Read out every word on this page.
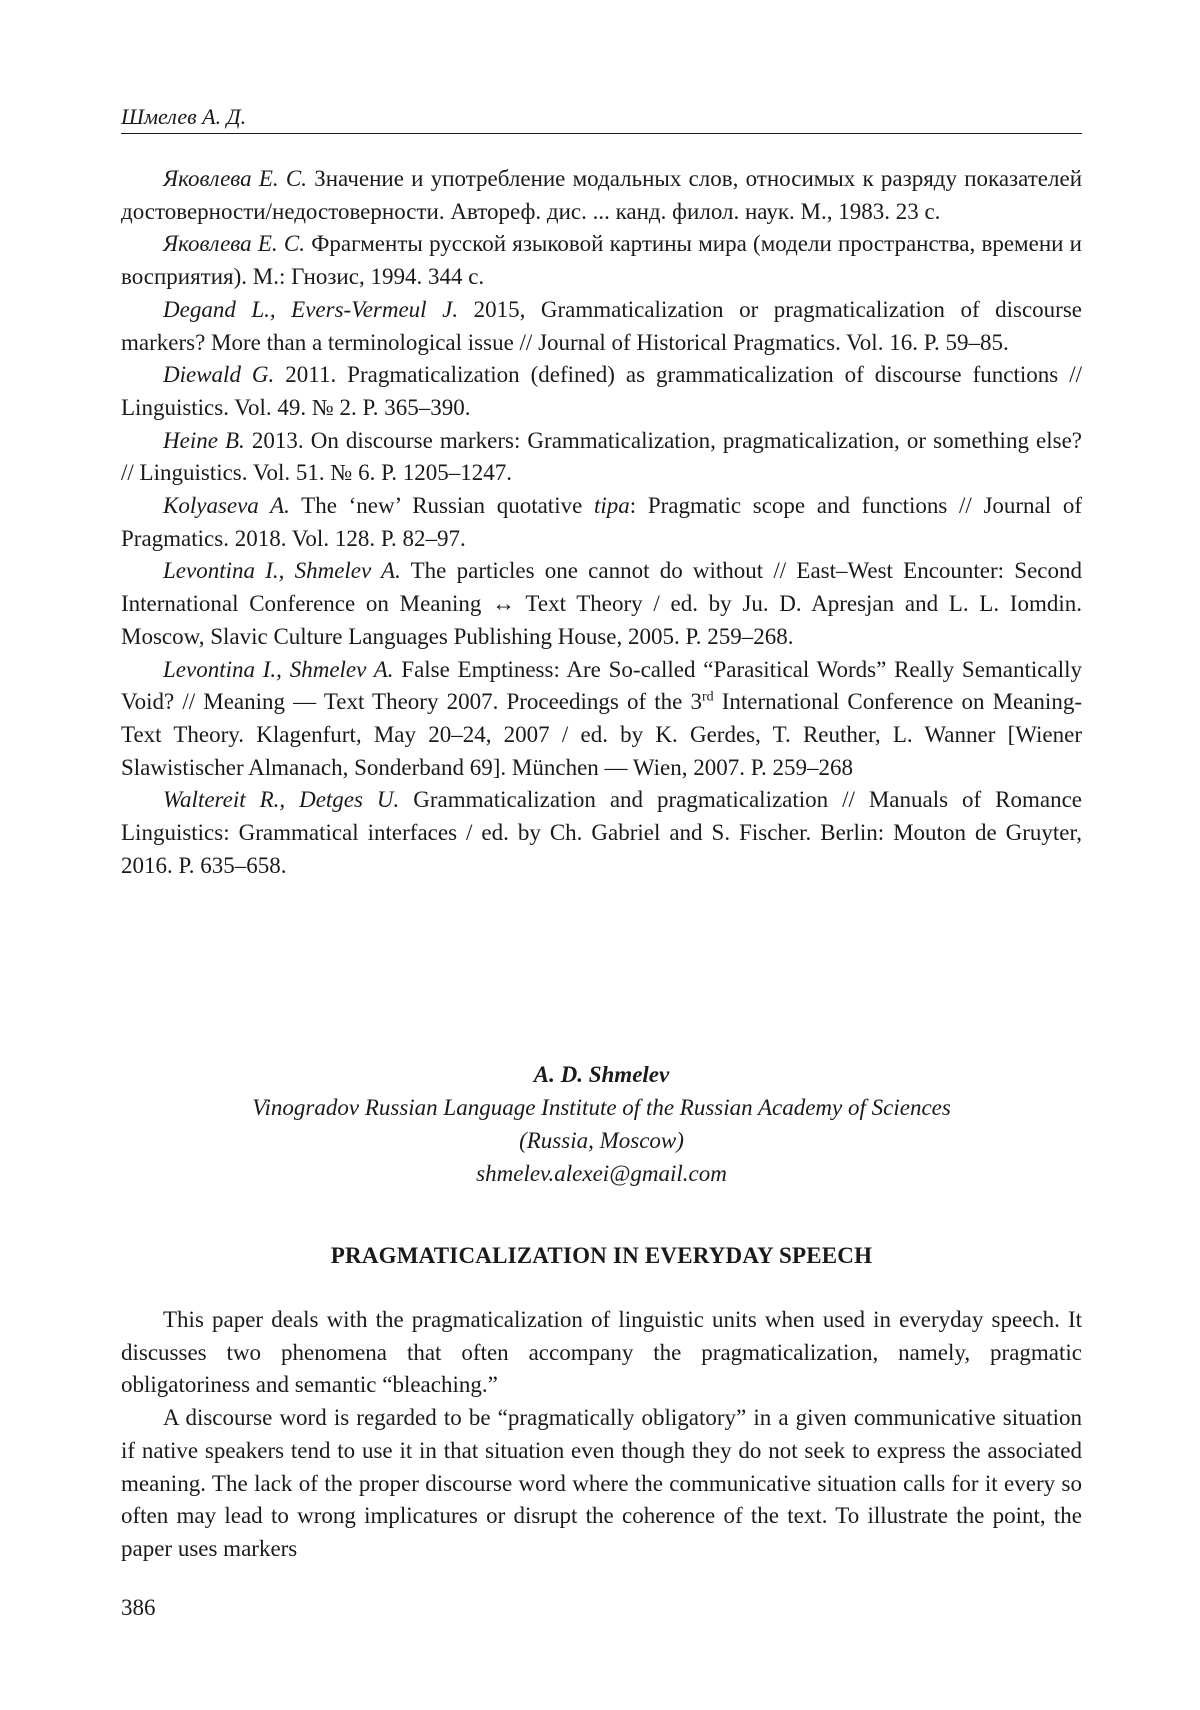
Шмелев А. Д.

Яковлева Е. С. Значение и употребление модальных слов, относимых к разряду показателей достоверности/недостоверности. Автореф. дис. ... канд. филол. наук. М., 1983. 23 с.

Яковлева Е. С. Фрагменты русской языковой картины мира (модели пространства, времени и восприятия). М.: Гнозис, 1994. 344 с.

Degand L., Evers-Vermeul J. 2015, Grammaticalization or pragmaticalization of discourse markers? More than a terminological issue // Journal of Historical Pragmatics. Vol. 16. P. 59–85.

Diewald G. 2011. Pragmaticalization (defined) as grammaticalization of discourse functions // Linguistics. Vol. 49. № 2. P. 365–390.

Heine B. 2013. On discourse markers: Grammaticalization, pragmaticalization, or something else? // Linguistics. Vol. 51. № 6. P. 1205–1247.

Kolyaseva A. The ‘new’ Russian quotative tipa: Pragmatic scope and functions // Journal of Pragmatics. 2018. Vol. 128. P. 82–97.

Levontina I., Shmelev A. The particles one cannot do without // East–West Encounter: Second International Conference on Meaning ↔ Text Theory / ed. by Ju. D. Apresjan and L. L. Iomdin. Moscow, Slavic Culture Languages Publishing House, 2005. P. 259–268.

Levontina I., Shmelev A. False Emptiness: Are So-called “Parasitical Words” Really Semantically Void? // Meaning — Text Theory 2007. Proceedings of the 3rd International Conference on Meaning-Text Theory. Klagenfurt, May 20–24, 2007 / ed. by K. Gerdes, T. Reuther, L. Wanner [Wiener Slawistischer Almanach, Sonderband 69]. München — Wien, 2007. P. 259–268

Waltereit R., Detges U. Grammaticalization and pragmaticalization // Manuals of Romance Linguistics: Grammatical interfaces / ed. by Ch. Gabriel and S. Fischer. Berlin: Mouton de Gruyter, 2016. P. 635–658.

A. D. Shmelev

Vinogradov Russian Language Institute of the Russian Academy of Sciences

(Russia, Moscow)

shmelev.alexei@gmail.com

PRAGMATICALIZATION IN EVERYDAY SPEECH

This paper deals with the pragmaticalization of linguistic units when used in everyday speech. It discusses two phenomena that often accompany the pragmaticalization, namely, pragmatic obligatoriness and semantic “bleaching.”

A discourse word is regarded to be “pragmatically obligatory” in a given communicative situation if native speakers tend to use it in that situation even though they do not seek to express the associated meaning. The lack of the proper discourse word where the communicative situation calls for it every so often may lead to wrong implicatures or disrupt the coherence of the text. To illustrate the point, the paper uses markers

386
